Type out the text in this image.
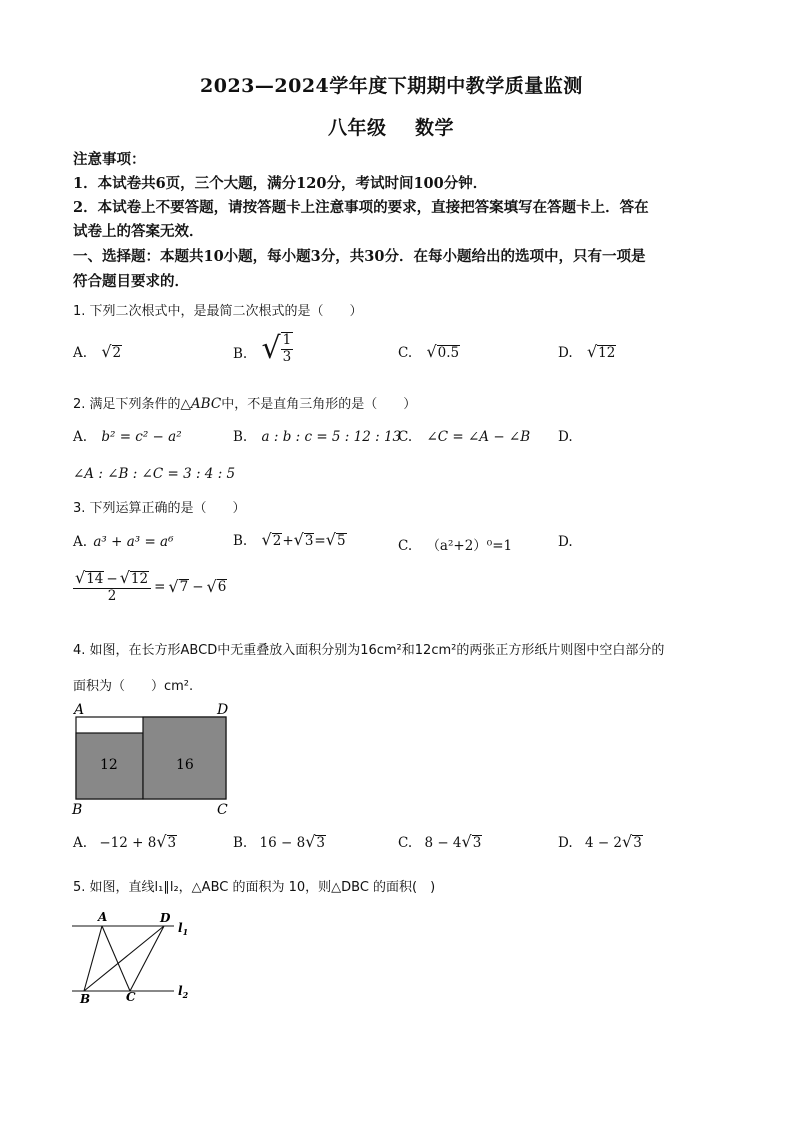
2023—2024学年度下期期中教学质量监测
八年级    数学
注意事项：
1．本试卷共6页，三个大题，满分120分，考试时间100分钟．
2．本试卷上不要答题，请按答题卡上注意事项的要求，直接把答案填写在答题卡上．答在
试卷上的答案无效．
一、选择题：本题共10小题，每小题3分，共30分．在每小题给出的选项中，只有一项是
符合题目要求的．
1. 下列二次根式中，是最简二次根式的是（　　）
A. √2	B. √ $\frac{1}{3}$	C. √0.5	D. √12
2. 满足下列条件的△ABC中，不是直角三角形的是（　　）
A. b² = c² − a²	B. a : b : c = 5 : 12 : 13
C. ∠C = ∠A − ∠B D.
∠A : ∠B : ∠C = 3 : 4 : 5
3. 下列运算正确的是（　　）
A. a³ + a³ = a⁶	B. √2+√3=√5	C. （a²+2）⁰=1	D.
$\frac{√14 - √12}{2}$ = √ 7 − √ 6
4. 如图，在长方形ABCD中无重叠放入面积分别为16cm²和12cm²的两张正方形纸片则图中空白部分的
面积为（　　）cm².
A	D
B	C
12	16
A. −12 + 8√3	B. 16 − 8√3	C. 8 − 4√3	D. 4 − 2√3
5. 如图，直线l₁∥l₂，△ABC 的面积为 10，则△DBC 的面积(　)
A	D
B	C
$l_1$
$l_2$
